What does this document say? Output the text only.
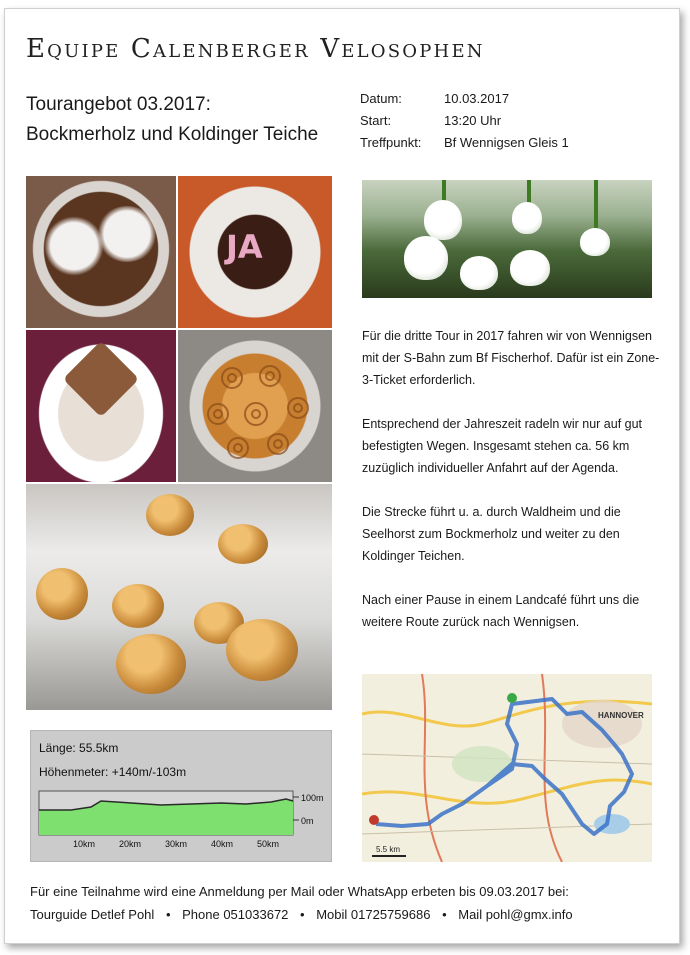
Equipe Calenberger Velosophen
Tourangebot 03.2017:
Bockmerholz und Koldinger Teiche
Datum:	10.03.2017
Start:	13:20 Uhr
Treffpunkt:	Bf Wennigsen Gleis 1
JA

Für die dritte Tour in 2017 fahren wir von Wennigsen mit der S-Bahn zum Bf Fischerhof. Dafür ist ein Zone-3-Ticket erforderlich.

Entsprechend der Jahreszeit radeln wir nur auf gut befestigten Wegen. Insgesamt stehen ca. 56 km zuzüglich individueller Anfahrt auf der Agenda.

Die Strecke führt u. a. durch Waldheim und die Seelhorst zum Bockmerholz und weiter zu den Koldinger Teichen.

Nach einer Pause in einem Landcafé führt uns die weitere Route zurück nach Wennigsen.

Länge: 55.5km
Höhenmeter: +140m/-103m
100m
0m
10km	20km	30km	40km	50km
HANNOVER
5.5 km
Für eine Teilnahme wird eine Anmeldung per Mail oder WhatsApp erbeten bis 09.03.2017 bei:
Tourguide Detlef Pohl • Phone 051033672 • Mobil 01725759686 • Mail pohl@gmx.info
